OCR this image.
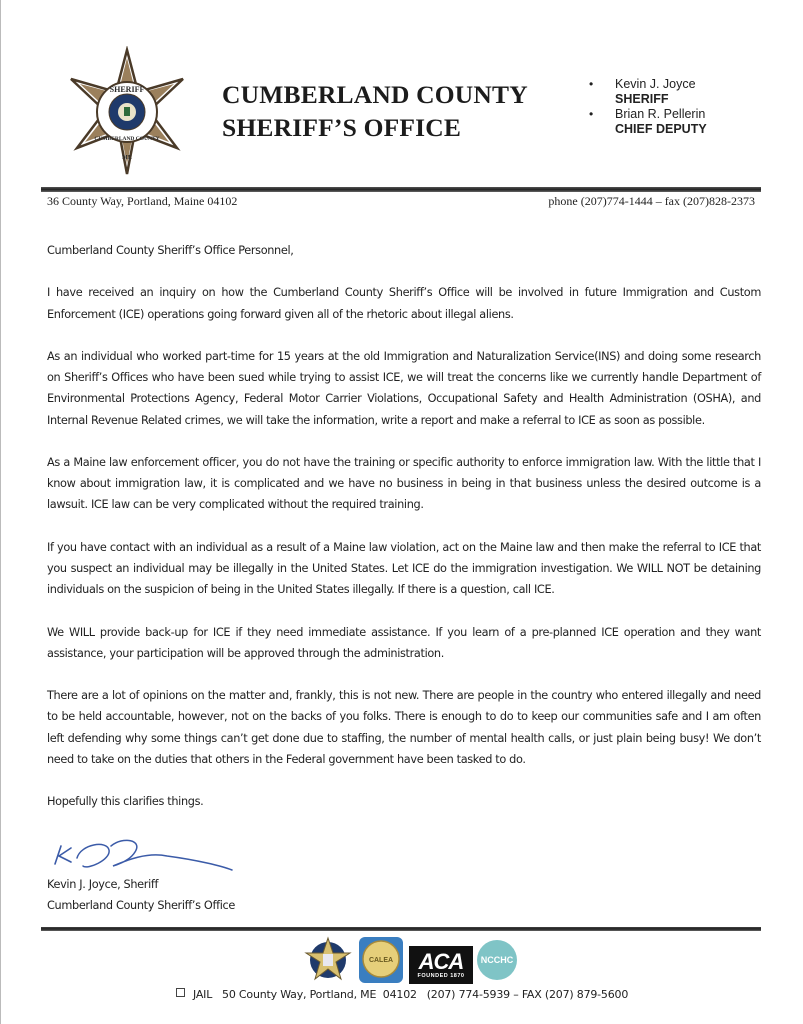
SHERIFF
CUMBERLAND COUNTY
ME
CUMBERLAND COUNTY
SHERIFF’S OFFICE
• Kevin J. Joyce
SHERIFF
• Brian R. Pellerin
CHIEF DEPUTY
36 County Way, Portland, Maine 04102	phone (207)774-1444 – fax (207)828-2373

Cumberland County Sheriff’s Office Personnel,

I have received an inquiry on how the Cumberland County Sheriff’s Office will be involved in future Immigration and Custom Enforcement (ICE) operations going forward given all of the rhetoric about illegal aliens.

As an individual who worked part-time for 15 years at the old Immigration and Naturalization Service(INS) and doing some research on Sheriff’s Offices who have been sued while trying to assist ICE, we will treat the concerns like we currently handle Department of Environmental Protections Agency, Federal Motor Carrier Violations, Occupational Safety and Health Administration (OSHA), and Internal Revenue Related crimes, we will take the information, write a report and make a referral to ICE as soon as possible.

As a Maine law enforcement officer, you do not have the training or specific authority to enforce immigration law. With the little that I know about immigration law, it is complicated and we have no business in being in that business unless the desired outcome is a lawsuit. ICE law can be very complicated without the required training.

If you have contact with an individual as a result of a Maine law violation, act on the Maine law and then make the referral to ICE that you suspect an individual may be illegally in the United States. Let ICE do the immigration investigation. We WILL NOT be detaining individuals on the suspicion of being in the United States illegally. If there is a question, call ICE.

We WILL provide back-up for ICE if they need immediate assistance. If you learn of a pre-planned ICE operation and they want assistance, your participation will be approved through the administration.

There are a lot of opinions on the matter and, frankly, this is not new. There are people in the country who entered illegally and need to be held accountable, however, not on the backs of you folks. There is enough to do to keep our communities safe and I am often left defending why some things can’t get done due to staffing, the number of mental health calls, or just plain being busy! We don’t need to take on the duties that others in the Federal government have been tasked to do.

Hopefully this clarifies things.

Kevin J. Joyce, Sheriff
Cumberland County Sheriff’s Office
CALEA ACA
FOUNDED 1870
NCCHC
JAIL   50 County Way, Portland, ME  04102   (207) 774-5939 – FAX (207) 879-5600
